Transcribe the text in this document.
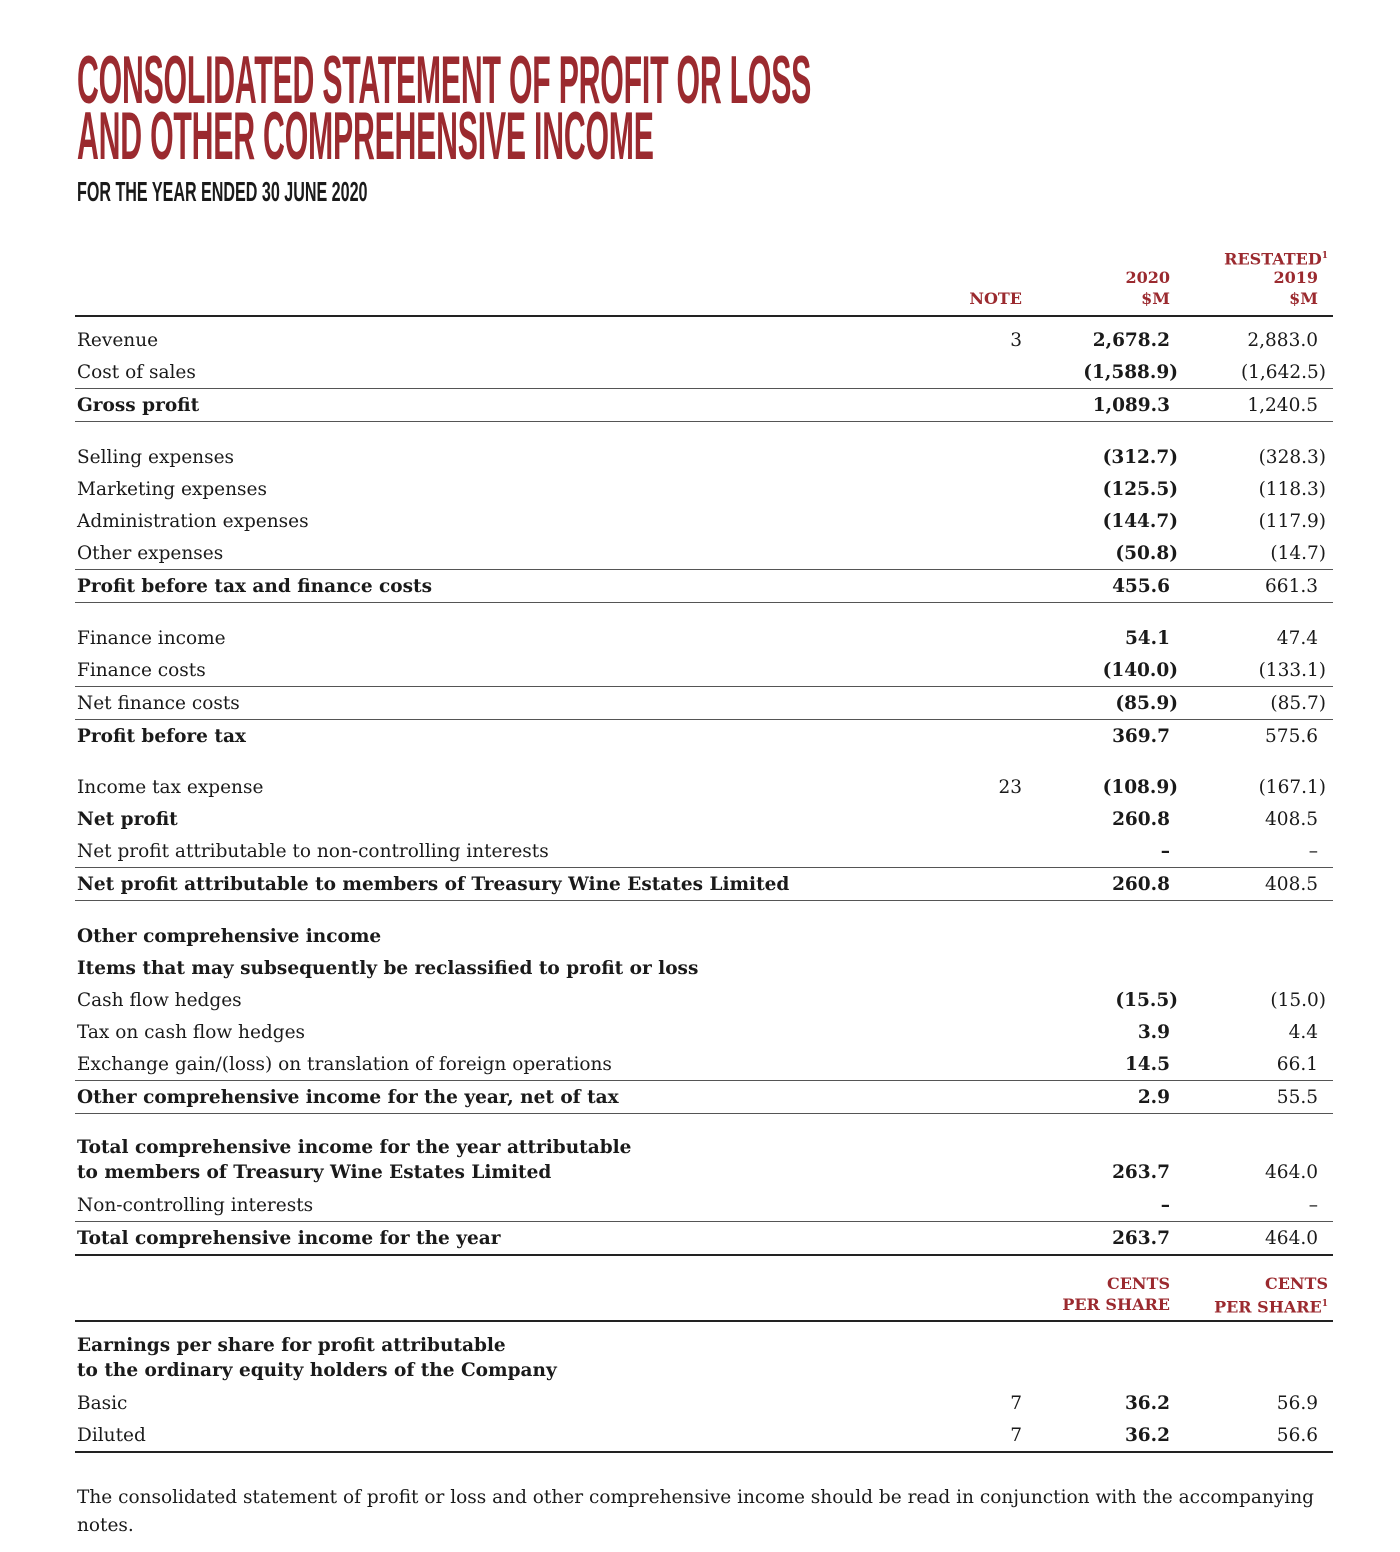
CONSOLIDATED STATEMENT OF PROFIT OR LOSS
AND OTHER COMPREHENSIVE INCOME
FOR THE YEAR ENDED 30 JUNE 2020
NOTE
2020
$M
RESTATED$^1$
2019
$M
Revenue	3	2,678.2	2,883.0
Cost of sales	(1,588.9)	(1,642.5)
Gross profit	1,089.3	1,240.5
Selling expenses	(312.7)	(328.3)
Marketing expenses	(125.5)	(118.3)
Administration expenses	(144.7)	(117.9)
Other expenses	(50.8)	(14.7)
Profit before tax and finance costs	455.6	661.3
Finance income	54.1	47.4
Finance costs	(140.0)	(133.1)
Net finance costs	(85.9)	(85.7)
Profit before tax	369.7	575.6
Income tax expense	23	(108.9)	(167.1)
Net profit	260.8	408.5
Net profit attributable to non-controlling interests	–	–
Net profit attributable to members of Treasury Wine Estates Limited	260.8	408.5
Other comprehensive income
Items that may subsequently be reclassified to profit or loss
Cash flow hedges	(15.5)	(15.0)
Tax on cash flow hedges	3.9	4.4
Exchange gain/(loss) on translation of foreign operations	14.5	66.1
Other comprehensive income for the year, net of tax	2.9	55.5
Total comprehensive income for the year attributable
to members of Treasury Wine Estates Limited	263.7	464.0
Non-controlling interests	–	–
Total comprehensive income for the year	263.7	464.0
CENTS
PER SHARE
CENTS
PER SHARE$^1$
Earnings per share for profit attributable
to the ordinary equity holders of the Company
Basic	7	36.2	56.9
Diluted	7	36.2	56.6
The consolidated statement of profit or loss and other comprehensive income should be read in conjunction with the accompanying notes.
